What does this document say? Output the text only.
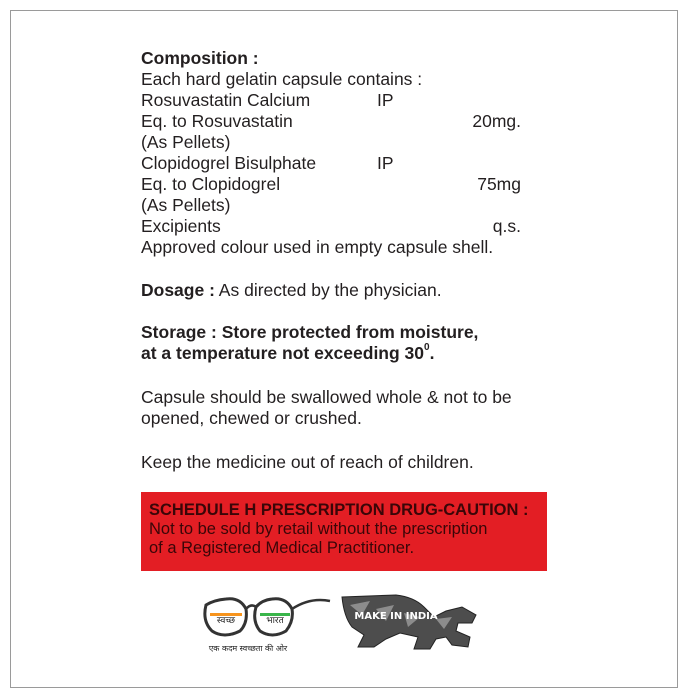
Composition :
Each hard gelatin capsule contains :
Rosuvastatin Calcium	IP
Eq. to Rosuvastatin	20mg.
(As Pellets)
Clopidogrel Bisulphate	IP
Eq. to Clopidogrel	75mg
(As Pellets)
Excipients	q.s.
Approved colour used in empty capsule shell.
Dosage : As directed by the physician.
Storage : Store protected from moisture,
at a temperature not exceeding $30^0$.
Capsule should be swallowed whole & not to be
opened, chewed or crushed.
Keep the medicine out of reach of children.
SCHEDULE H PRESCRIPTION DRUG-CAUTION :
Not to be sold by retail without the prescription
of a Registered Medical Practitioner.
स्वच्छ	भारत
एक कदम स्वच्छता की ओर
MAKE IN INDIA
